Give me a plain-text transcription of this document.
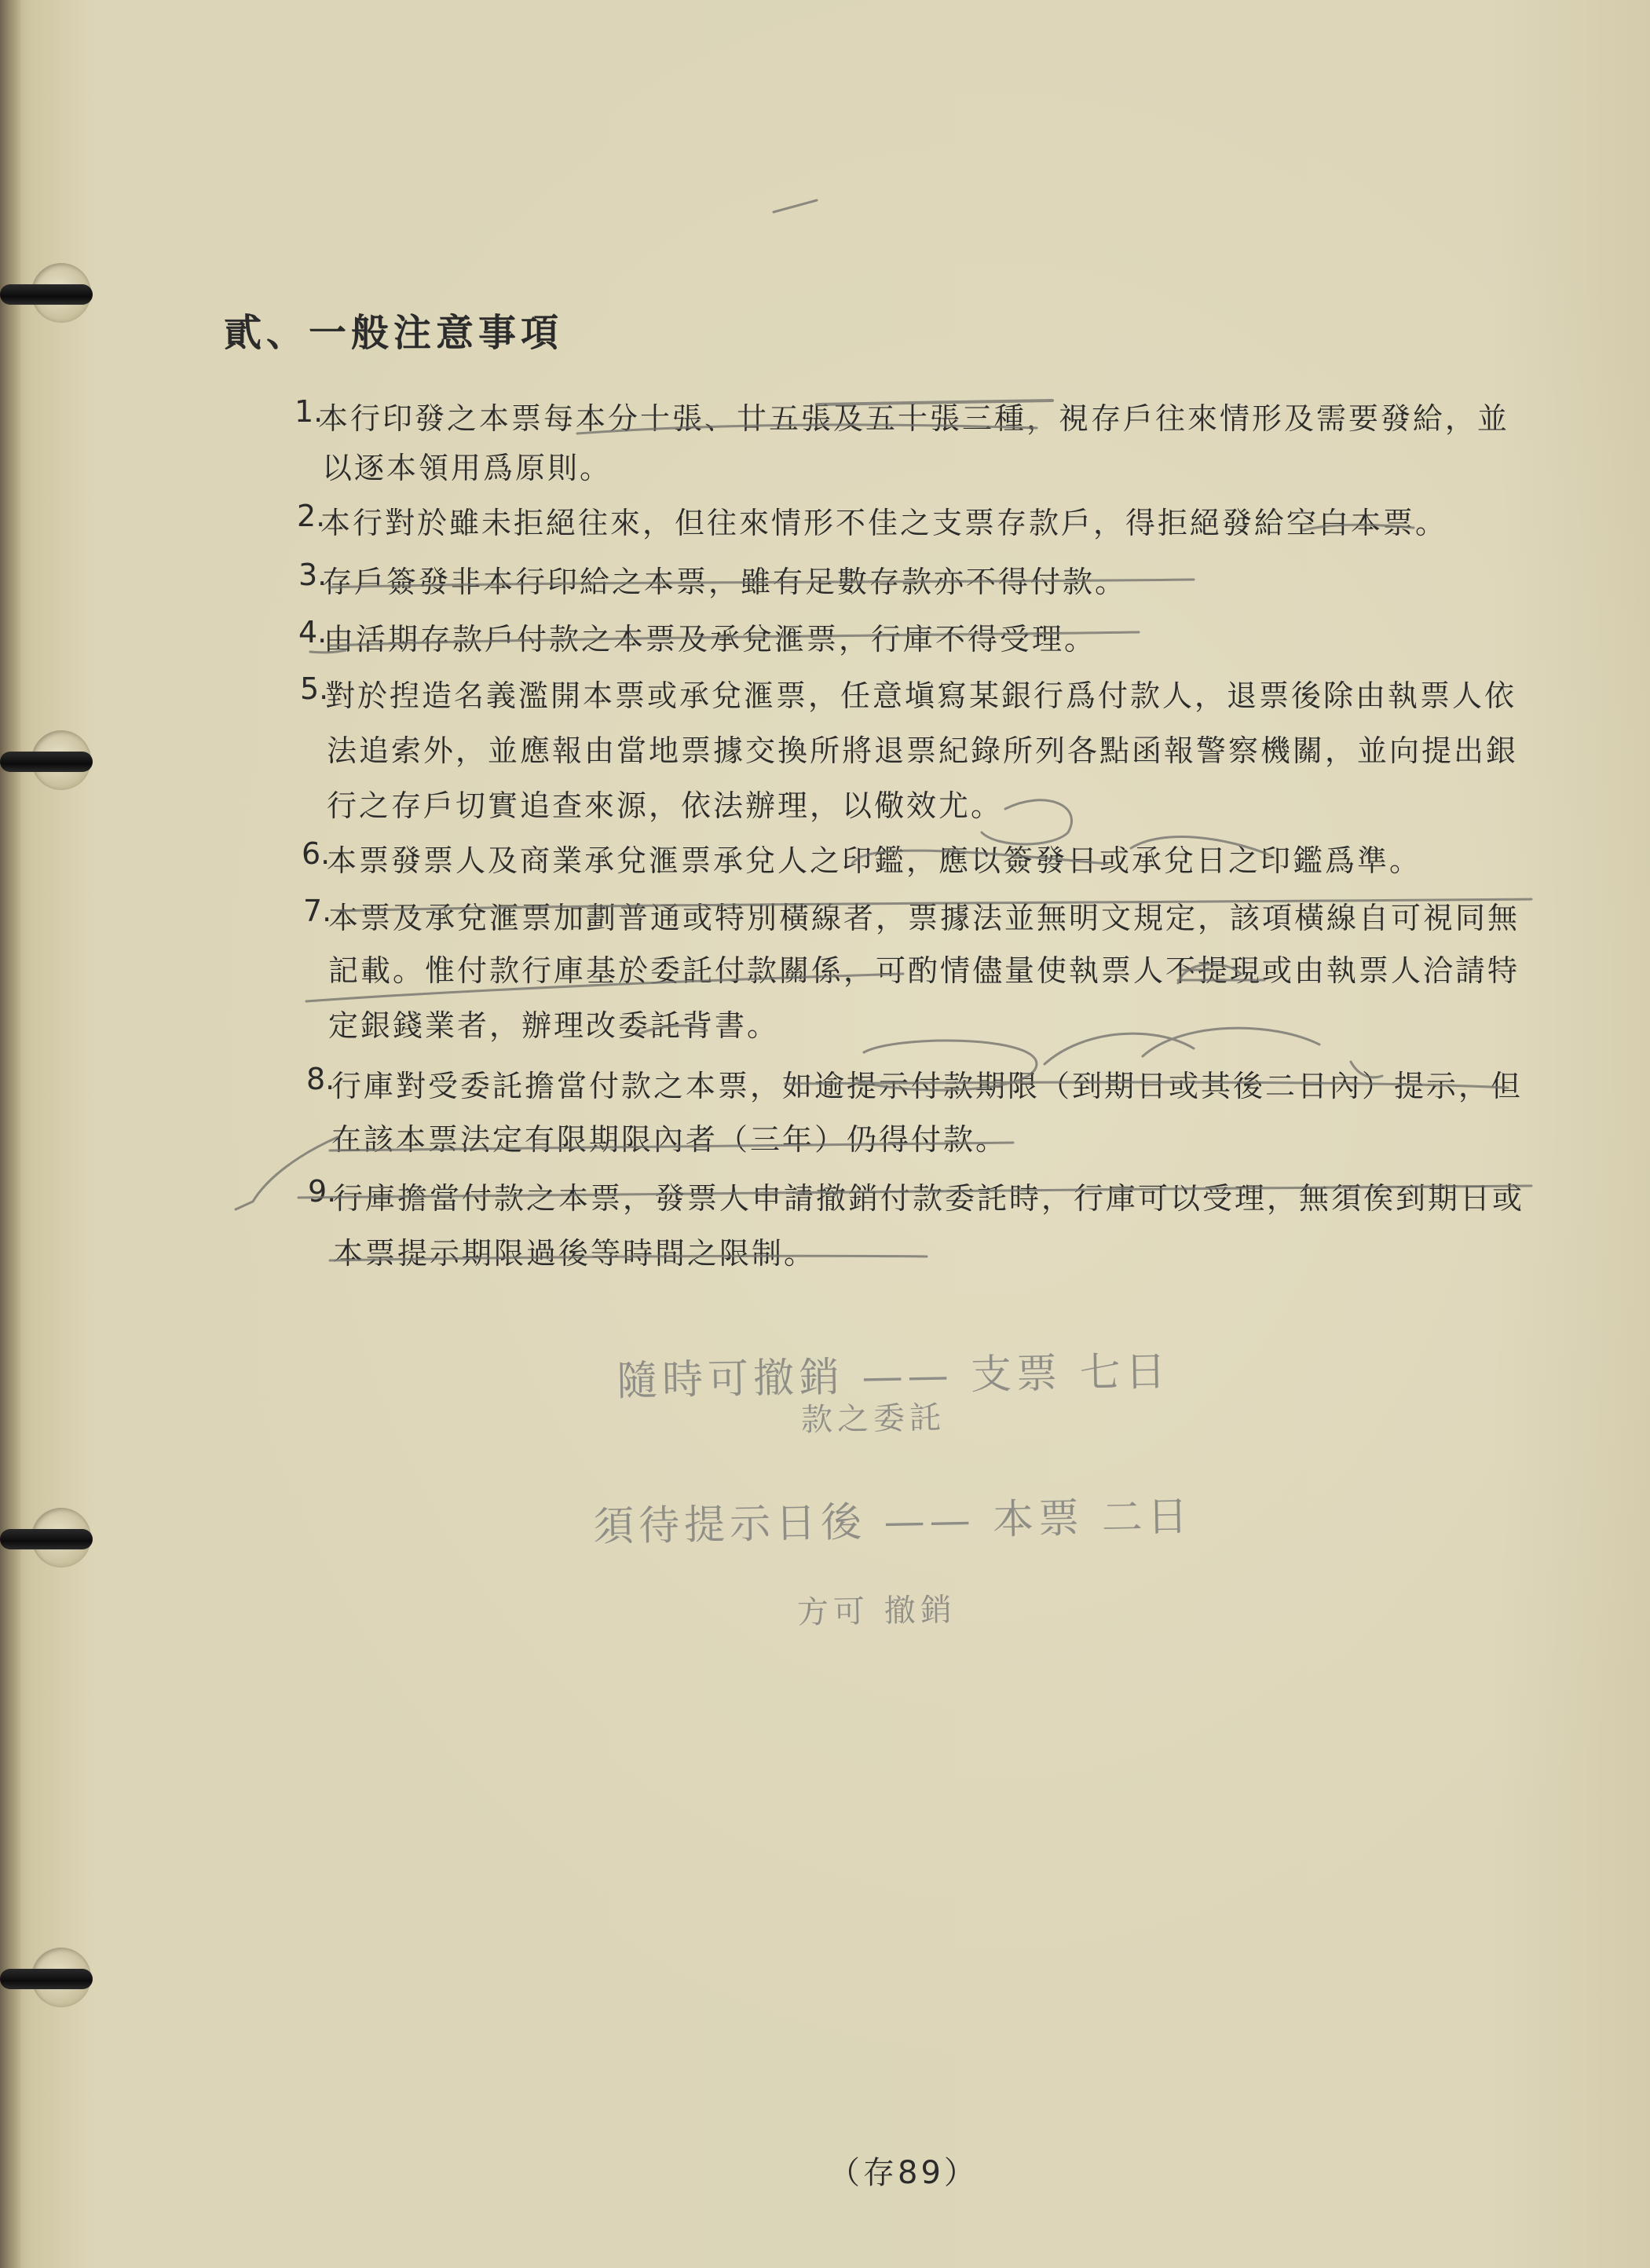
貳、一般注意事項
1.
本行印發之本票每本分十張、廿五張及五十張三種，視存戶往來情形及需要發給，並
以逐本領用爲原則。
2.
本行對於雖未拒絕往來，但往來情形不佳之支票存款戶，得拒絕發給空白本票。
3.
存戶簽發非本行印給之本票，雖有足數存款亦不得付款。
4.
由活期存款戶付款之本票及承兌滙票，行庫不得受理。
5.
對於揑造名義濫開本票或承兌滙票，任意塡寫某銀行爲付款人，退票後除由執票人依
法追索外，並應報由當地票據交換所將退票紀錄所列各點函報警察機關，並向提出銀
行之存戶切實追查來源，依法辦理，以儆效尤。
6.
本票發票人及商業承兌滙票承兌人之印鑑，應以簽發日或承兌日之印鑑爲準。
7.
本票及承兌滙票加劃普通或特別橫線者，票據法並無明文規定，該項橫線自可視同無
記載。惟付款行庫基於委託付款關係，可酌情儘量使執票人不提現或由執票人洽請特
定銀錢業者，辦理改委託背書。
8.
行庫對受委託擔當付款之本票，如逾提示付款期限（到期日或其後二日內）提示，但
在該本票法定有限期限內者（三年）仍得付款。
9.
行庫擔當付款之本票，發票人申請撤銷付款委託時，行庫可以受理，無須俟到期日或
本票提示期限過後等時間之限制。
隨時可撤銷 —— 支票 七日
款之委託
須待提示日後 —— 本票 二日
方可 撤銷
（存89）
